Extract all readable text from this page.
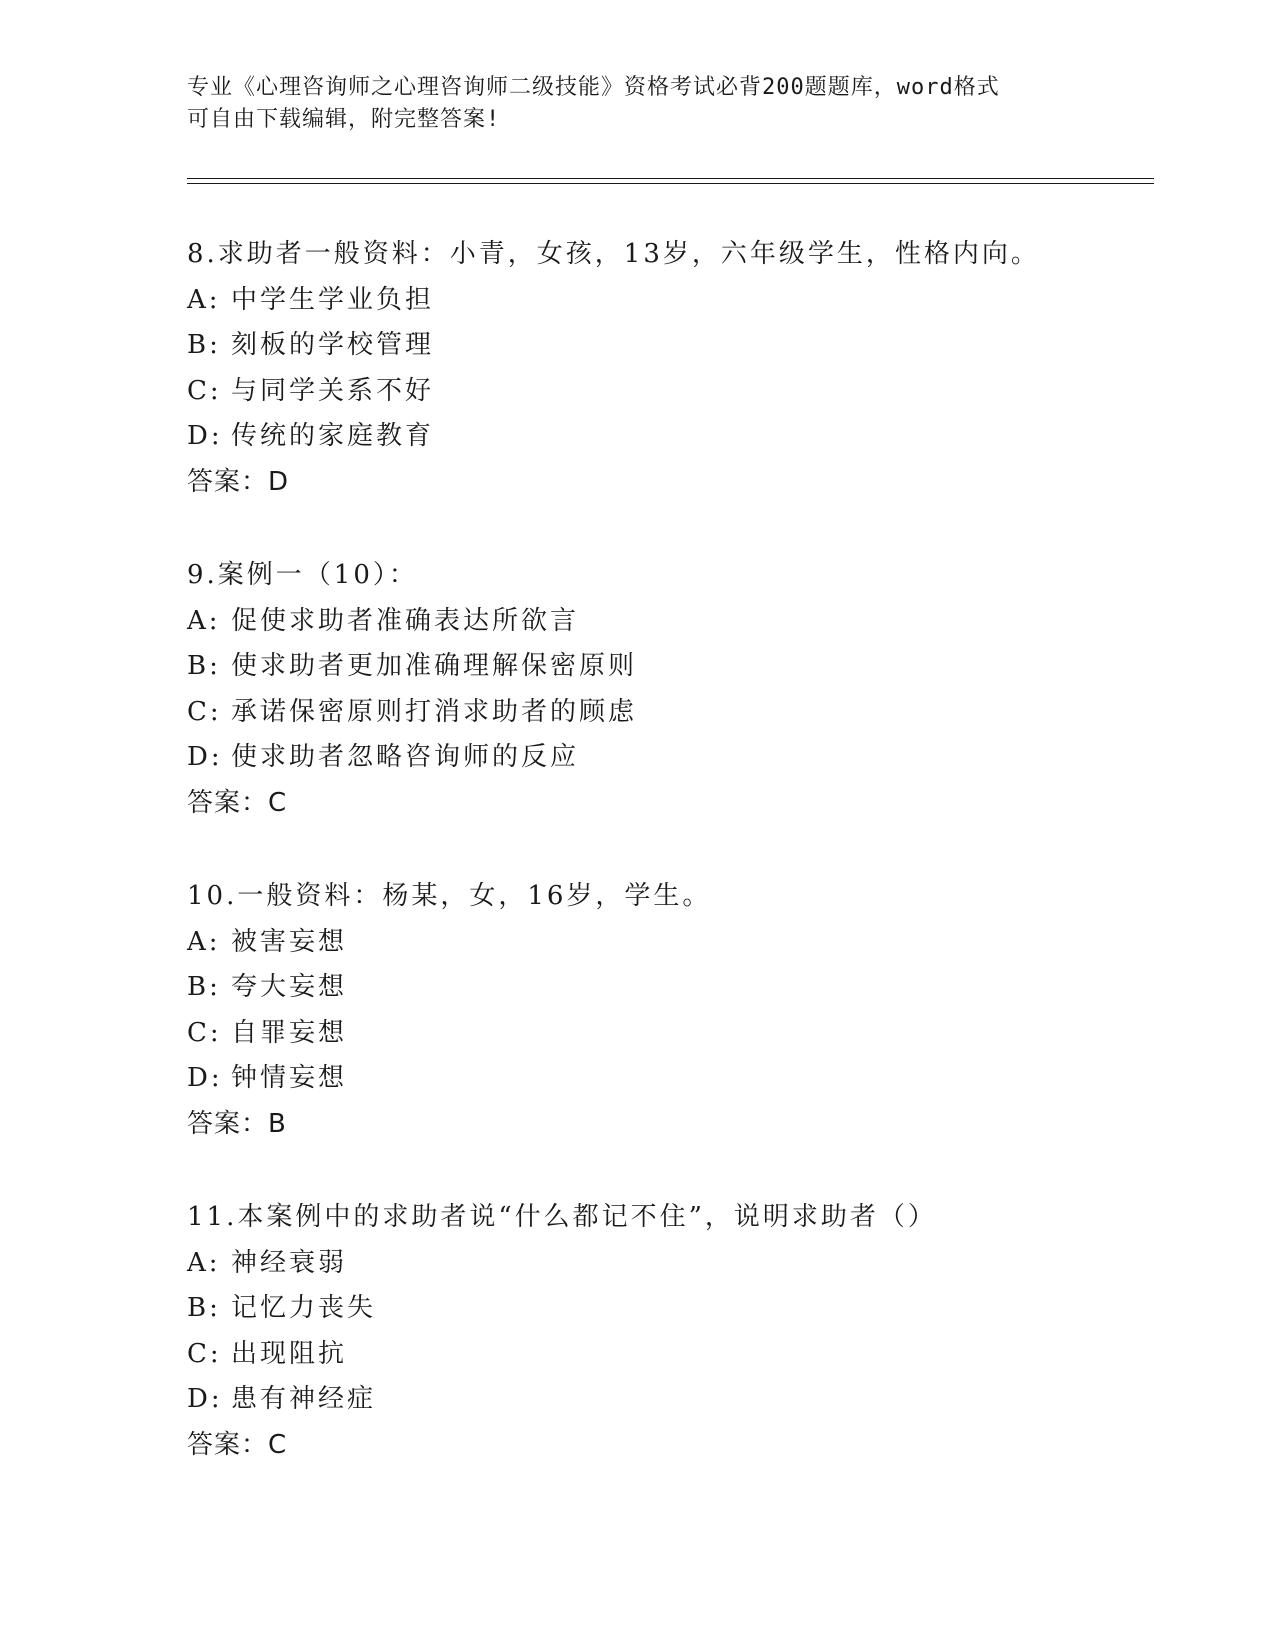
专业《心理咨询师之心理咨询师二级技能》资格考试必背200题题库，word格式
可自由下载编辑，附完整答案!
8.求助者一般资料：小青，女孩，13岁，六年级学生，性格内向。
A: 中学生学业负担
B: 刻板的学校管理
C: 与同学关系不好
D: 传统的家庭教育
答案：D
9.案例一（10）：
A: 促使求助者准确表达所欲言
B: 使求助者更加准确理解保密原则
C: 承诺保密原则打消求助者的顾虑
D: 使求助者忽略咨询师的反应
答案：C
10.一般资料：杨某，女，16岁，学生。
A: 被害妄想
B: 夸大妄想
C: 自罪妄想
D: 钟情妄想
答案：B
11.本案例中的求助者说“什么都记不住”，说明求助者（）
A: 神经衰弱
B: 记忆力丧失
C: 出现阻抗
D: 患有神经症
答案：C
